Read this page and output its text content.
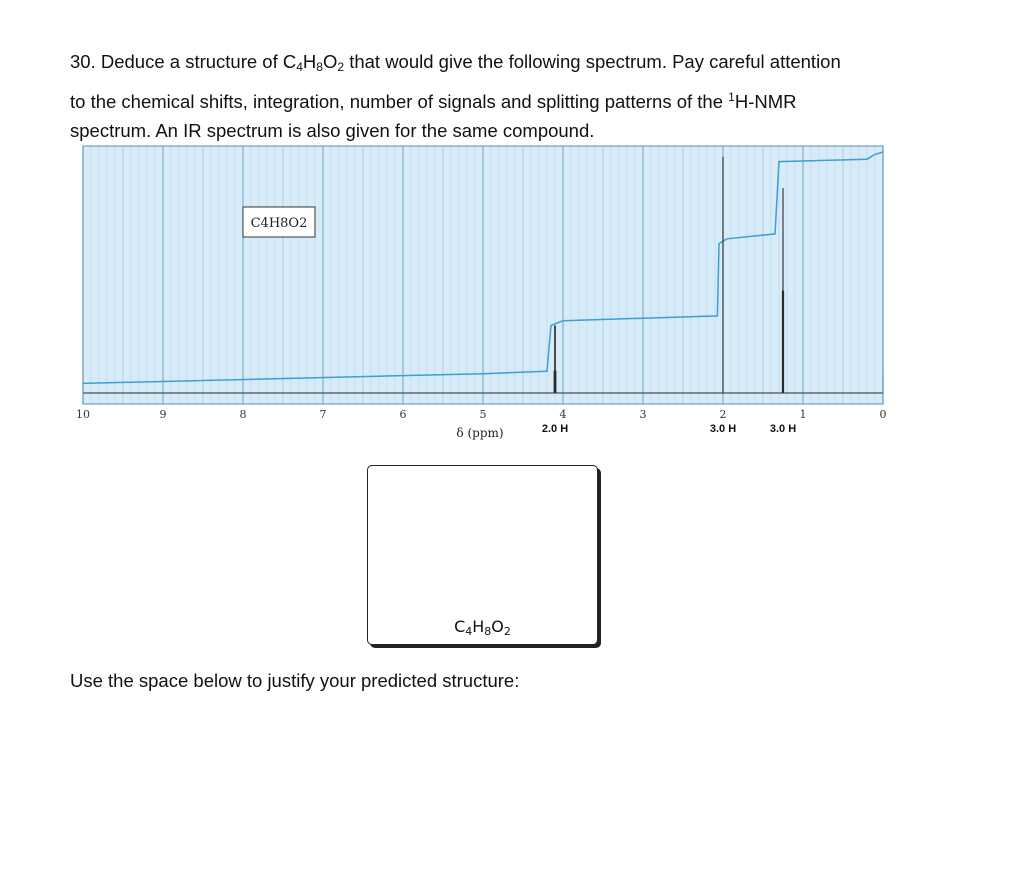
30. Deduce a structure of $C_4H_8O_2$ that would give the following spectrum. Pay careful attention

to the chemical shifts, integration, number of signals and splitting patterns of the $^1$H-NMR

spectrum. An IR spectrum is also given for the same compound.

C4H8O2
10	9	8	7	6	5	4	3	2	1	0
δ (ppm)	2.0 H	3.0 H	3.0 H
C4H8O2
Use the space below to justify your predicted structure:
